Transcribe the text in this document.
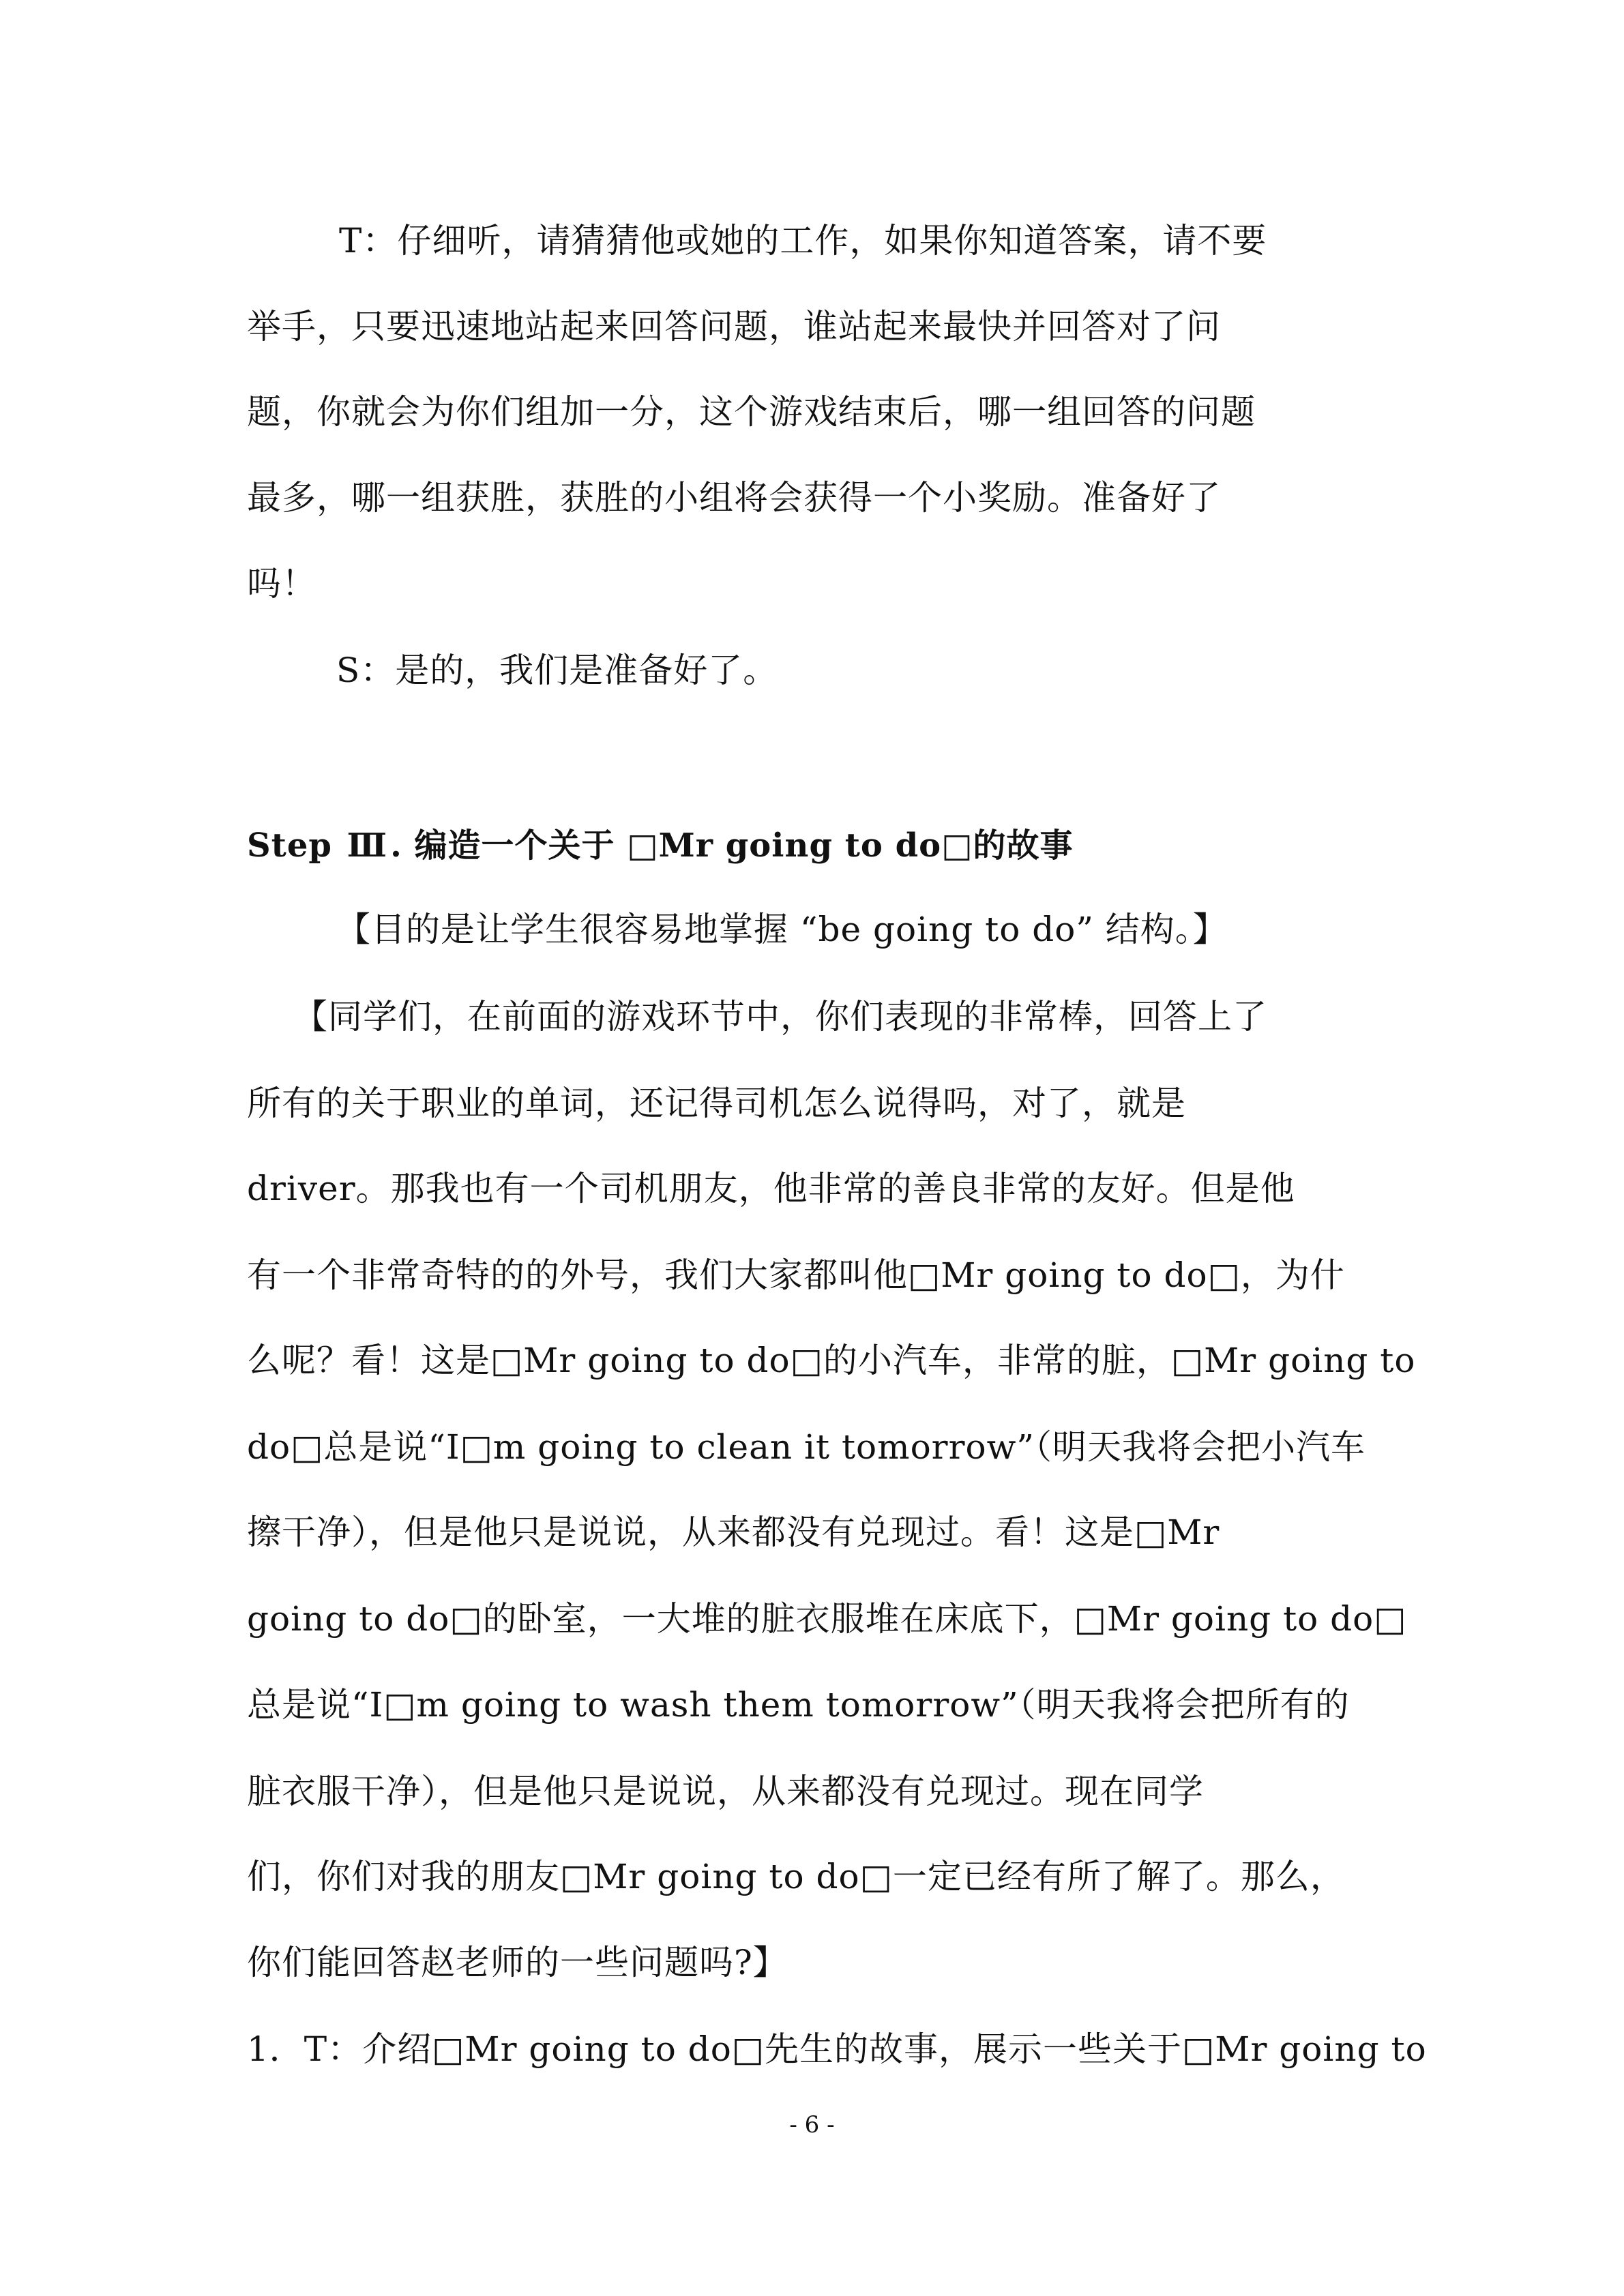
T：仔细听，请猜猜他或她的工作，如果你知道答案，请不要
举手，只要迅速地站起来回答问题，谁站起来最快并回答对了问
题，你就会为你们组加一分，这个游戏结束后，哪一组回答的问题
最多，哪一组获胜，获胜的小组将会获得一个小奖励。准备好了
吗！
S：是的，我们是准备好了。
Step Ⅲ. 编造一个关于 □Mr going to do□的故事
【目的是让学生很容易地掌握 “be going to do” 结构。】
【同学们，在前面的游戏环节中，你们表现的非常棒，回答上了
所有的关于职业的单词，还记得司机怎么说得吗，对了，就是
driver。那我也有一个司机朋友，他非常的善良非常的友好。但是他
有一个非常奇特的的外号，我们大家都叫他□Mr going to do□，为什
么呢？看！这是□Mr going to do□的小汽车，非常的脏，□Mr going to
do□总是说“I□m going to clean it tomorrow”（明天我将会把小汽车
擦干净），但是他只是说说，从来都没有兑现过。看！这是□Mr
going to do□的卧室，一大堆的脏衣服堆在床底下，□Mr going to do□
总是说“I□m going to wash them tomorrow”（明天我将会把所有的
脏衣服干净），但是他只是说说，从来都没有兑现过。现在同学
们，你们对我的朋友□Mr going to do□一定已经有所了解了。那么，
你们能回答赵老师的一些问题吗?】
1．T：介绍□Mr going to do□先生的故事，展示一些关于□Mr going to
- 6 -
